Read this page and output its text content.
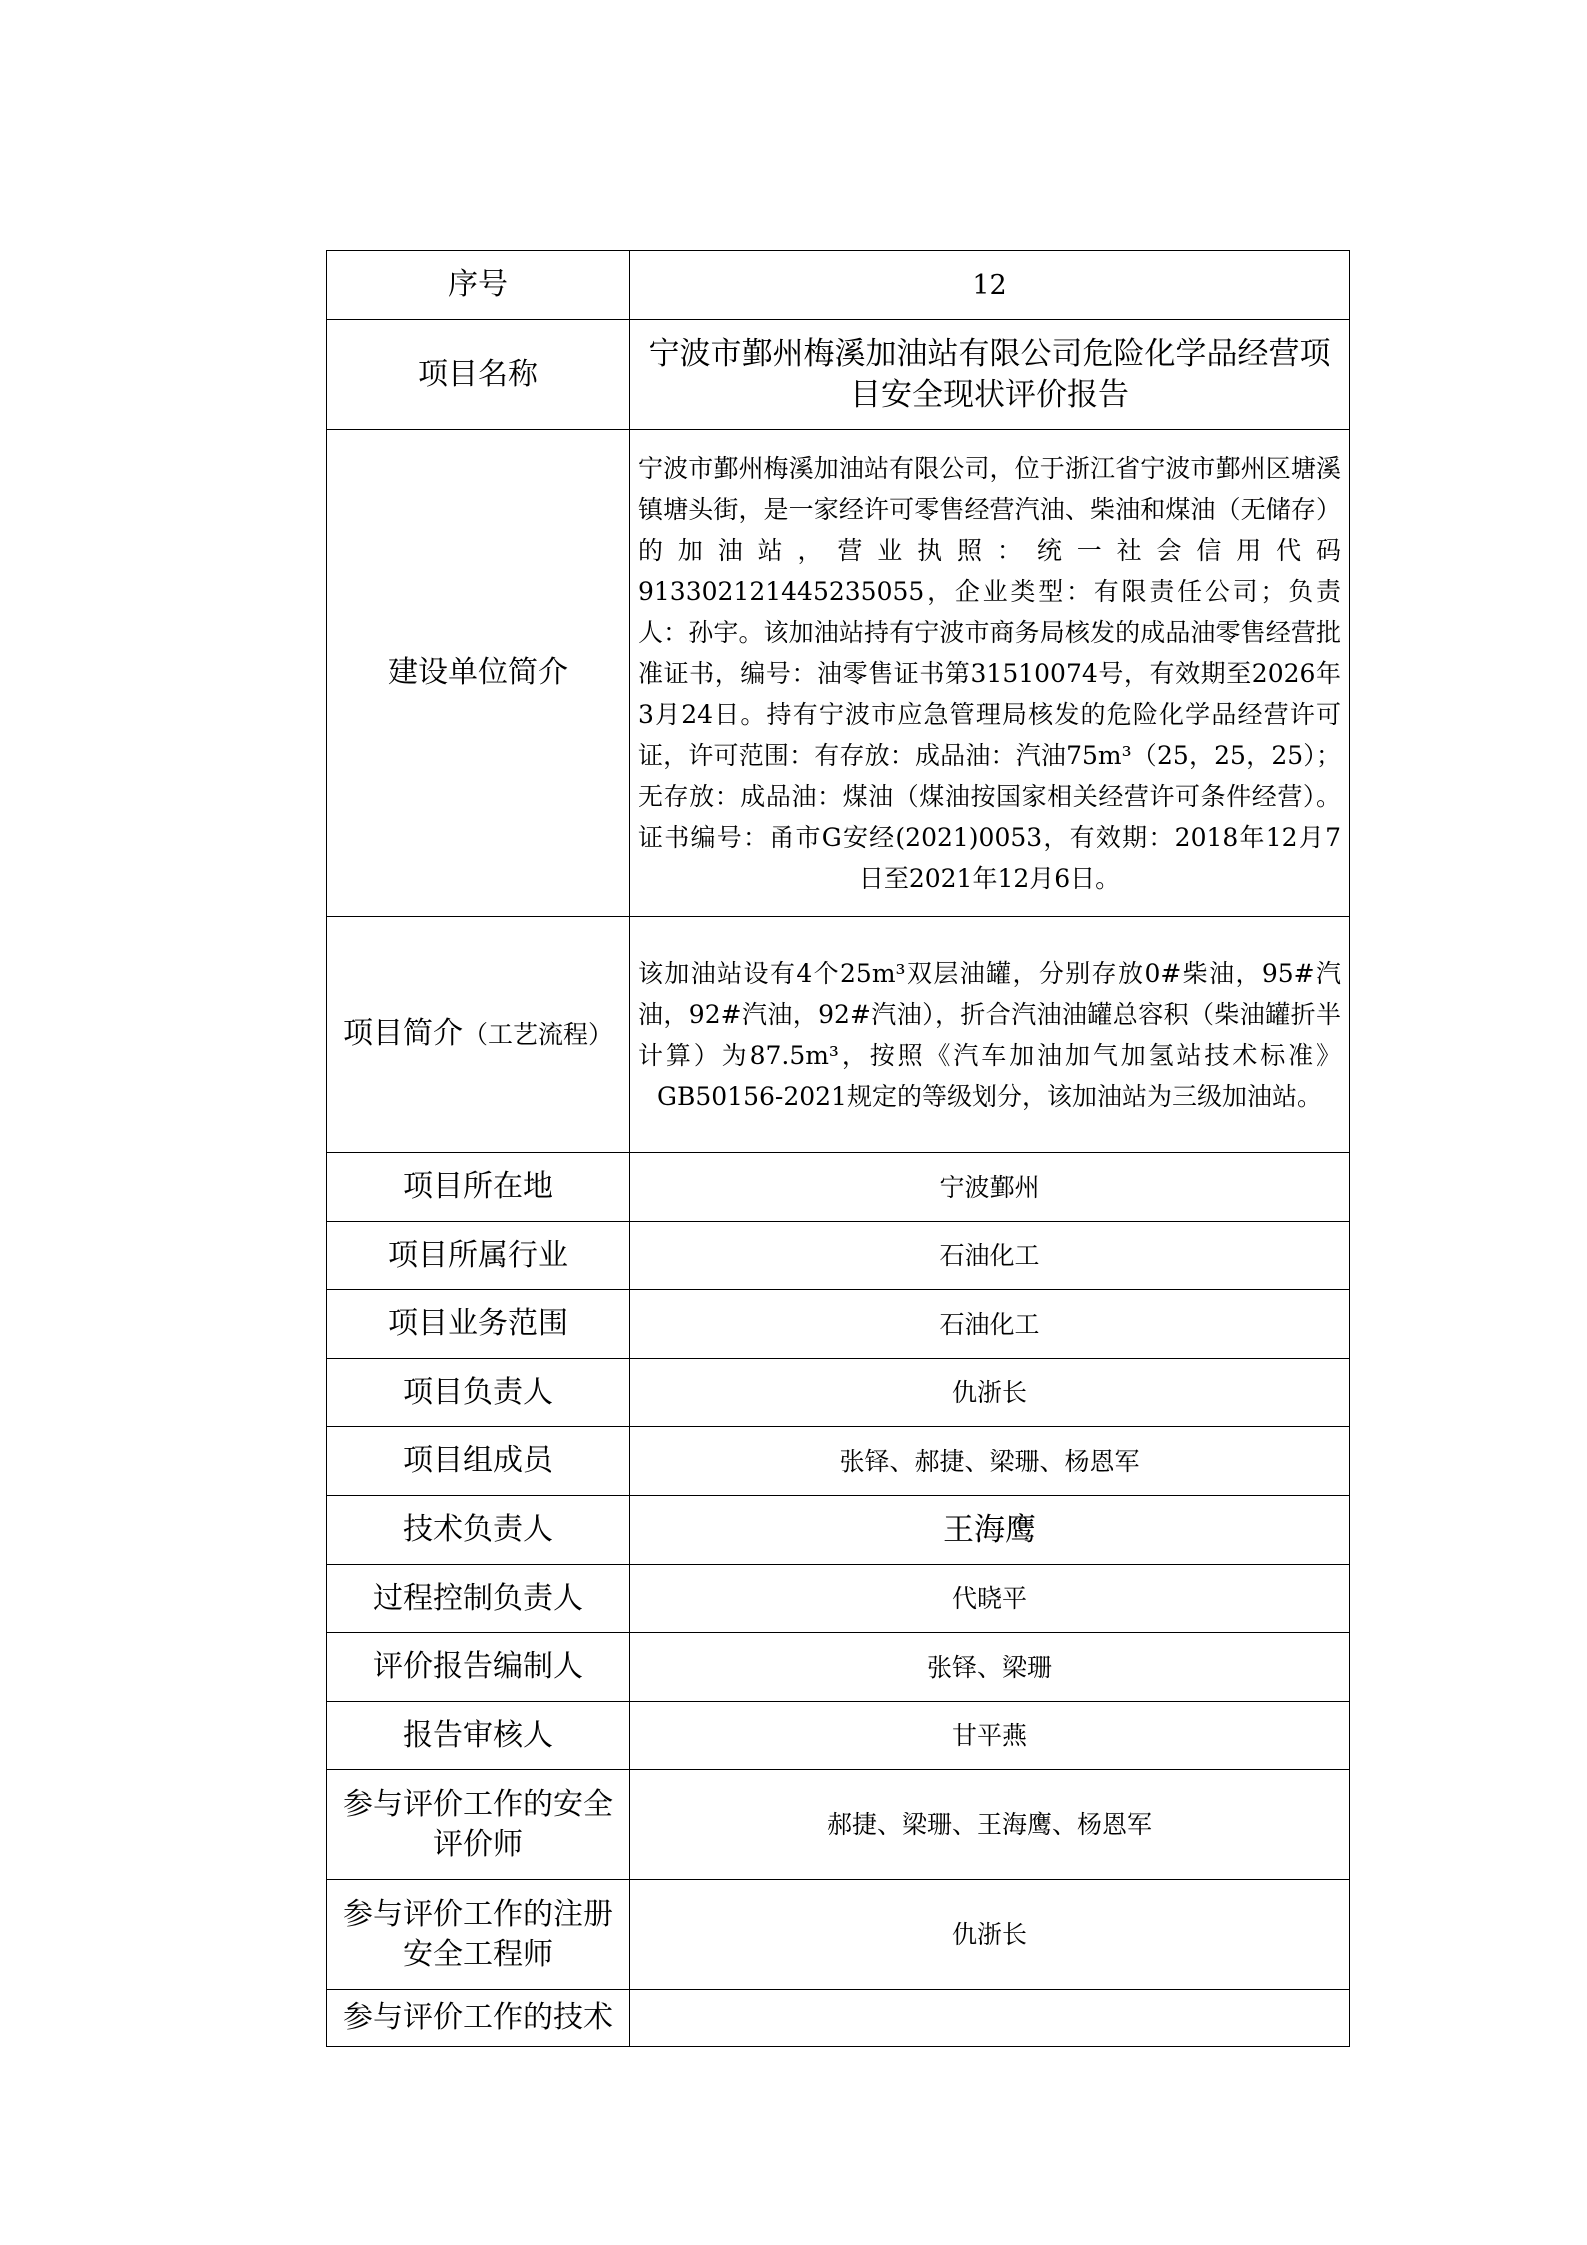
序号	12
项目名称	宁波市鄞州梅溪加油站有限公司危险化学品经营项目安全现状评价报告
建设单位简介	宁波市鄞州梅溪加油站有限公司，位于浙江省宁波市鄞州区塘溪镇塘头街，是一家经许可零售经营汽油、柴油和煤油（无储存）的加油站，营业执照：统一社会信用代码913302121445235055，企业类型：有限责任公司；负责人：孙宇。该加油站持有宁波市商务局核发的成品油零售经营批准证书，编号：油零售证书第31510074号，有效期至2026年3月24日。持有宁波市应急管理局核发的危险化学品经营许可证，许可范围：有存放：成品油：汽油75m³（25，25，25）；无存放：成品油：煤油（煤油按国家相关经营许可条件经营）。证书编号：甬市G安经(2021)0053，有效期：2018年12月7日至2021年12月6日。
项目简介（工艺流程）	该加油站设有4个25m³双层油罐，分别存放0#柴油，95#汽油，92#汽油，92#汽油），折合汽油油罐总容积（柴油罐折半计算）为87.5m³，按照《汽车加油加气加氢站技术标准》GB50156-2021规定的等级划分，该加油站为三级加油站。
项目所在地	宁波鄞州
项目所属行业	石油化工
项目业务范围	石油化工
项目负责人	仇浙长
项目组成员	张铎、郝捷、梁珊、杨恩军
技术负责人	王海鹰
过程控制负责人	代晓平
评价报告编制人	张铎、梁珊
报告审核人	甘平燕
参与评价工作的安全评价师	郝捷、梁珊、王海鹰、杨恩军
参与评价工作的注册安全工程师	仇浙长
参与评价工作的技术	
